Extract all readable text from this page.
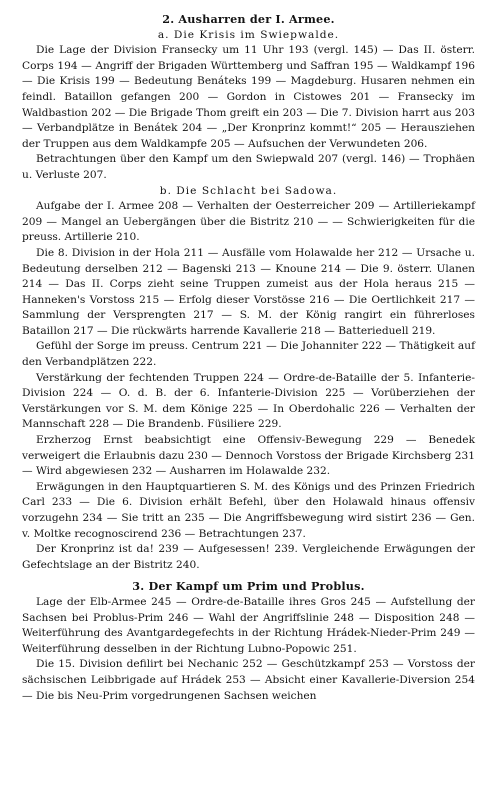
2. Ausharren der I. Armee.

a. Die Krisis im Swiepwalde.

Die Lage der Division Fransecky um 11 Uhr 193 (vergl. 145) — Das II. österr. Corps 194 — Angriff der Brigaden Württemberg und Saffran 195 — Waldkampf 196 — Die Krisis 199 — Bedeutung Benáteks 199 — Magdeburg. Husaren nehmen ein feindl. Bataillon gefangen 200 — Gordon in Cistowes 201 — Fransecky im Waldbastion 202 — Die Brigade Thom greift ein 203 — Die 7. Division harrt aus 203 — Verbandplätze in Benátek 204 — „Der Kronprinz kommt!“ 205 — Herausziehen der Truppen aus dem Waldkampfe 205 — Aufsuchen der Verwundeten 206.

Betrachtungen über den Kampf um den Swiepwald 207 (vergl. 146) — Trophäen u. Verluste 207.

b. Die Schlacht bei Sadowa.

Aufgabe der I. Armee 208 — Verhalten der Oesterreicher 209 — Artilleriekampf 209 — Mangel an Uebergängen über die Bistritz 210 — — Schwierigkeiten für die preuss. Artillerie 210.

Die 8. Division in der Hola 211 — Ausfälle vom Holawalde her 212 — Ursache u. Bedeutung derselben 212 — Bagenski 213 — Knoune 214 — Die 9. österr. Ulanen 214 — Das II. Corps zieht seine Truppen zumeist aus der Hola heraus 215 — Hanneken's Vorstoss 215 — Erfolg dieser Vorstösse 216 — Die Oertlichkeit 217 — Sammlung der Versprengten 217 — S. M. der König rangirt ein führerloses Bataillon 217 — Die rückwärts harrende Kavallerie 218 — Batterieduell 219.

Gefühl der Sorge im preuss. Centrum 221 — Die Johanniter 222 — Thätigkeit auf den Verbandplätzen 222.

Verstärkung der fechtenden Truppen 224 — Ordre-de-Bataille der 5. Infanterie-Division 224 — O. d. B. der 6. Infanterie-Division 225 — Vorüberziehen der Verstärkungen vor S. M. dem Könige 225 — In Oberdohalic 226 — Verhalten der Mannschaft 228 — Die Brandenb. Füsiliere 229.

Erzherzog Ernst beabsichtigt eine Offensiv-Bewegung 229 — Benedek verweigert die Erlaubnis dazu 230 — Dennoch Vorstoss der Brigade Kirchsberg 231 — Wird abgewiesen 232 — Ausharren im Holawalde 232.

Erwägungen in den Hauptquartieren S. M. des Königs und des Prinzen Friedrich Carl 233 — Die 6. Division erhält Befehl, über den Holawald hinaus offensiv vorzugehn 234 — Sie tritt an 235 — Die Angriffsbewegung wird sistirt 236 — Gen. v. Moltke recognoscirend 236 — Betrachtungen 237.

Der Kronprinz ist da! 239 — Aufgesessen! 239. Vergleichende Erwägungen der Gefechtslage an der Bistritz 240.

3. Der Kampf um Prim und Problus.

Lage der Elb-Armee 245 — Ordre-de-Bataille ihres Gros 245 — Aufstellung der Sachsen bei Problus-Prim 246 — Wahl der Angriffslinie 248 — Disposition 248 — Weiterführung des Avantgardegefechts in der Richtung Hrádek-Nieder-Prim 249 — Weiterführung desselben in der Richtung Lubno-Popowic 251.

Die 15. Division defilirt bei Nechanic 252 — Geschützkampf 253 — Vorstoss der sächsischen Leibbrigade auf Hrádek 253 — Absicht einer Kavallerie-Diversion 254 — Die bis Neu-Prim vorgedrungenen Sachsen weichen
